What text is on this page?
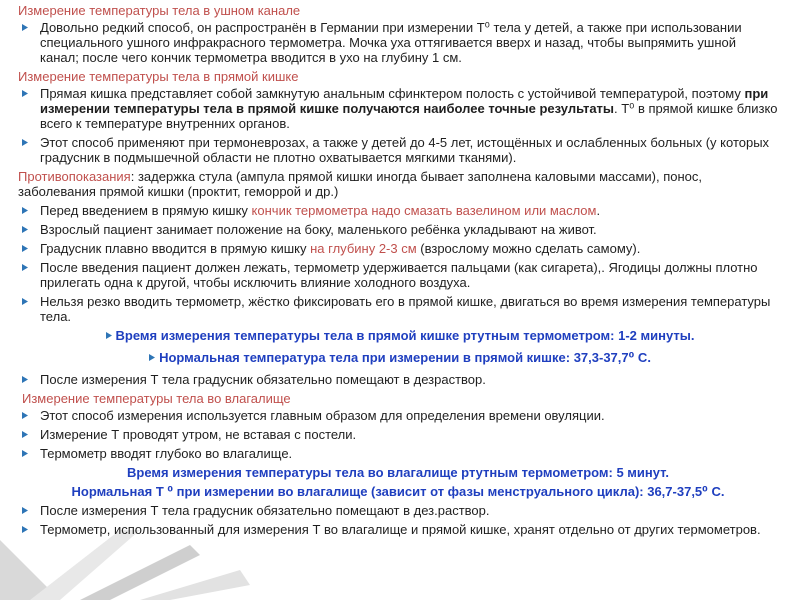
Измерение температуры тела в ушном канале
Довольно редкий способ, он распространён в Германии при измерении Т⁰ тела у детей, а также при использовании специального ушного инфракрасного термометра. Мочка уха оттягивается вверх и назад, чтобы выпрямить ушной канал; после чего кончик термометра вводится в ухо на глубину 1 см.
Измерение температуры тела в прямой кишке
Прямая кишка представляет собой замкнутую анальным сфинктером полость с устойчивой температурой, поэтому при измерении температуры тела в прямой кишке получаются наиболее точные результаты. Т⁰ в прямой кишке близко всего к температуре внутренних органов.
Этот способ применяют при термоневрозах, а также у детей до 4-5 лет, истощённых и ослабленных больных (у которых градусник в подмышечной области не плотно охватывается мягкими тканями).
Противопоказания: задержка стула (ампула прямой кишки иногда бывает заполнена каловыми массами), понос, заболевания прямой кишки (проктит, геморрой и др.)
Перед введением в прямую кишку кончик термометра надо смазать вазелином или маслом.
Взрослый пациент занимает положение на боку, маленького ребёнка укладывают на живот.
Градусник плавно вводится в прямую кишку на глубину 2-3 см (взрослому можно сделать самому).
После введения пациент должен лежать, термометр удерживается пальцами (как сигарета),. Ягодицы должны плотно прилегать одна к другой, чтобы исключить влияние холодного воздуха.
Нельзя резко вводить термометр, жёстко фиксировать его в прямой кишке, двигаться во время измерения температуры тела.
Время измерения температуры тела в прямой кишке ртутным термометром: 1-2 минуты.
Нормальная температура тела при измерении в прямой кишке: 37,3-37,7⁰ С.
После измерения Т тела градусник обязательно помещают в дезраствор.
Измерение температуры тела во влагалище
Этот способ измерения используется главным образом для определения времени овуляции.
Измерение Т проводят утром, не вставая с постели.
Термометр вводят глубоко во влагалище.
Время измерения температуры тела во влагалище ртутным термометром: 5 минут.
Нормальная Т ⁰ при измерении во влагалище (зависит от фазы менструального цикла): 36,7-37,5⁰ С.
После измерения Т тела градусник обязательно помещают в дез.раствор.
Термометр, использованный для измерения Т во влагалище и прямой кишке, хранят отдельно от других термометров.
